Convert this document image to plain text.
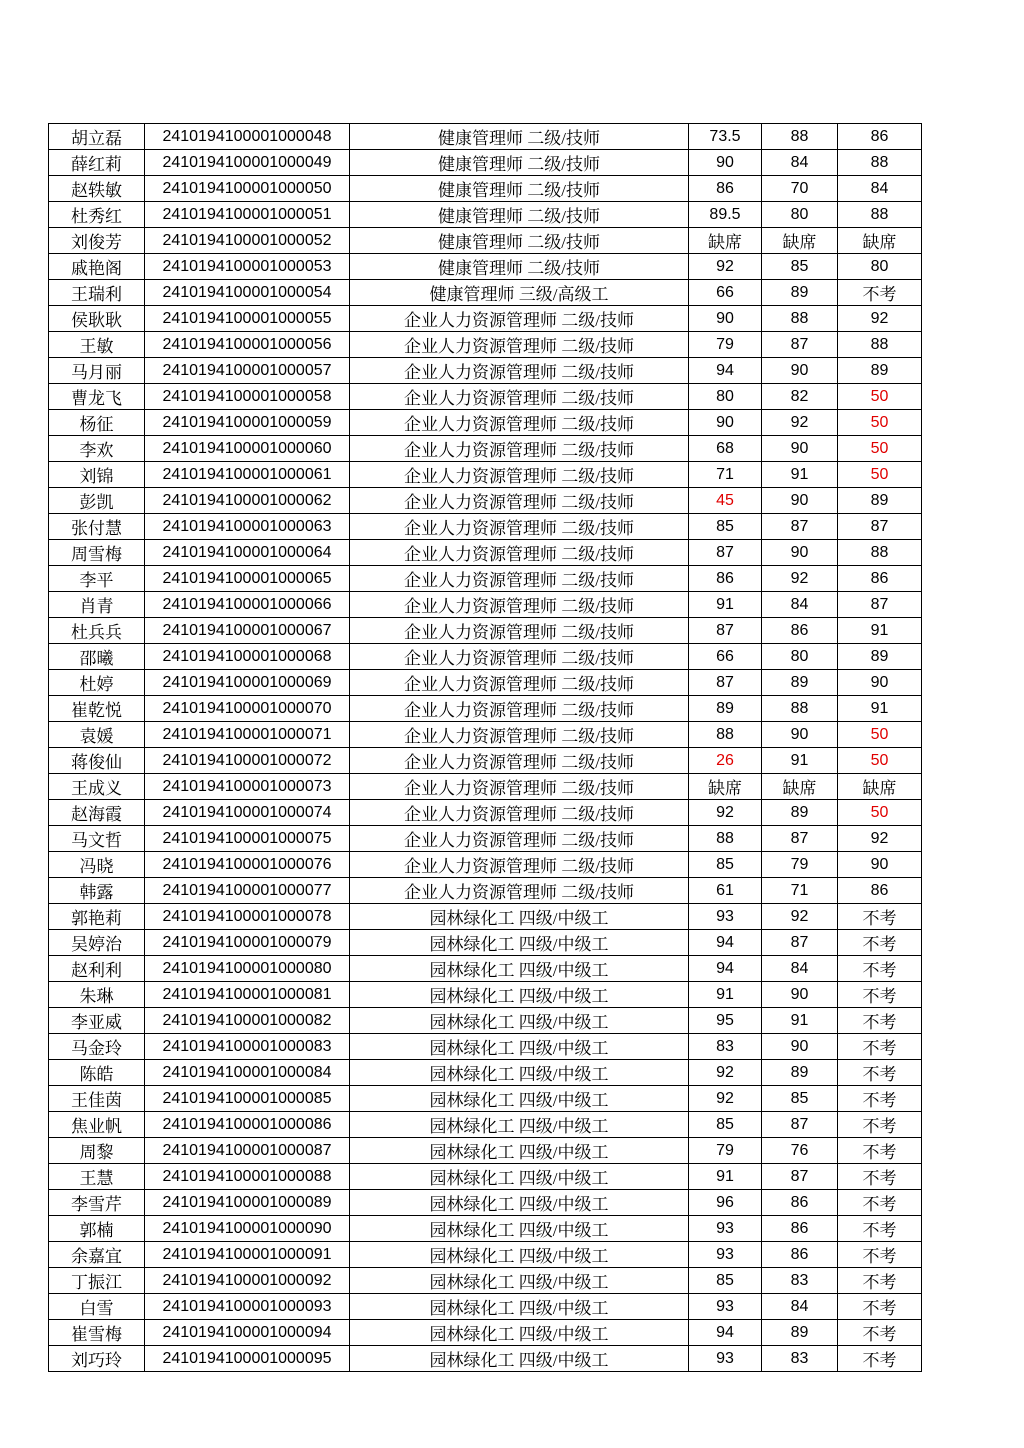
胡立磊	2410194100001000048	健康管理师 二级/技师	73.5	88	86
薛红莉	2410194100001000049	健康管理师 二级/技师	90	84	88
赵轶敏	2410194100001000050	健康管理师 二级/技师	86	70	84
杜秀红	2410194100001000051	健康管理师 二级/技师	89.5	80	88
刘俊芳	2410194100001000052	健康管理师 二级/技师	缺席	缺席	缺席
戚艳阁	2410194100001000053	健康管理师 二级/技师	92	85	80
王瑞利	2410194100001000054	健康管理师 三级/高级工	66	89	不考
侯耿耿	2410194100001000055	企业人力资源管理师 二级/技师	90	88	92
王敏	2410194100001000056	企业人力资源管理师 二级/技师	79	87	88
马月丽	2410194100001000057	企业人力资源管理师 二级/技师	94	90	89
曹龙飞	2410194100001000058	企业人力资源管理师 二级/技师	80	82	50
杨征	2410194100001000059	企业人力资源管理师 二级/技师	90	92	50
李欢	2410194100001000060	企业人力资源管理师 二级/技师	68	90	50
刘锦	2410194100001000061	企业人力资源管理师 二级/技师	71	91	50
彭凯	2410194100001000062	企业人力资源管理师 二级/技师	45	90	89
张付慧	2410194100001000063	企业人力资源管理师 二级/技师	85	87	87
周雪梅	2410194100001000064	企业人力资源管理师 二级/技师	87	90	88
李平	2410194100001000065	企业人力资源管理师 二级/技师	86	92	86
肖青	2410194100001000066	企业人力资源管理师 二级/技师	91	84	87
杜兵兵	2410194100001000067	企业人力资源管理师 二级/技师	87	86	91
邵曦	2410194100001000068	企业人力资源管理师 二级/技师	66	80	89
杜婷	2410194100001000069	企业人力资源管理师 二级/技师	87	89	90
崔乾悦	2410194100001000070	企业人力资源管理师 二级/技师	89	88	91
袁媛	2410194100001000071	企业人力资源管理师 二级/技师	88	90	50
蒋俊仙	2410194100001000072	企业人力资源管理师 二级/技师	26	91	50
王成义	2410194100001000073	企业人力资源管理师 二级/技师	缺席	缺席	缺席
赵海霞	2410194100001000074	企业人力资源管理师 二级/技师	92	89	50
马文哲	2410194100001000075	企业人力资源管理师 二级/技师	88	87	92
冯晓	2410194100001000076	企业人力资源管理师 二级/技师	85	79	90
韩露	2410194100001000077	企业人力资源管理师 二级/技师	61	71	86
郭艳莉	2410194100001000078	园林绿化工 四级/中级工	93	92	不考
吴婷治	2410194100001000079	园林绿化工 四级/中级工	94	87	不考
赵利利	2410194100001000080	园林绿化工 四级/中级工	94	84	不考
朱琳	2410194100001000081	园林绿化工 四级/中级工	91	90	不考
李亚威	2410194100001000082	园林绿化工 四级/中级工	95	91	不考
马金玲	2410194100001000083	园林绿化工 四级/中级工	83	90	不考
陈皓	2410194100001000084	园林绿化工 四级/中级工	92	89	不考
王佳茵	2410194100001000085	园林绿化工 四级/中级工	92	85	不考
焦业帆	2410194100001000086	园林绿化工 四级/中级工	85	87	不考
周黎	2410194100001000087	园林绿化工 四级/中级工	79	76	不考
王慧	2410194100001000088	园林绿化工 四级/中级工	91	87	不考
李雪芹	2410194100001000089	园林绿化工 四级/中级工	96	86	不考
郭楠	2410194100001000090	园林绿化工 四级/中级工	93	86	不考
余嘉宜	2410194100001000091	园林绿化工 四级/中级工	93	86	不考
丁振江	2410194100001000092	园林绿化工 四级/中级工	85	83	不考
白雪	2410194100001000093	园林绿化工 四级/中级工	93	84	不考
崔雪梅	2410194100001000094	园林绿化工 四级/中级工	94	89	不考
刘巧玲	2410194100001000095	园林绿化工 四级/中级工	93	83	不考
